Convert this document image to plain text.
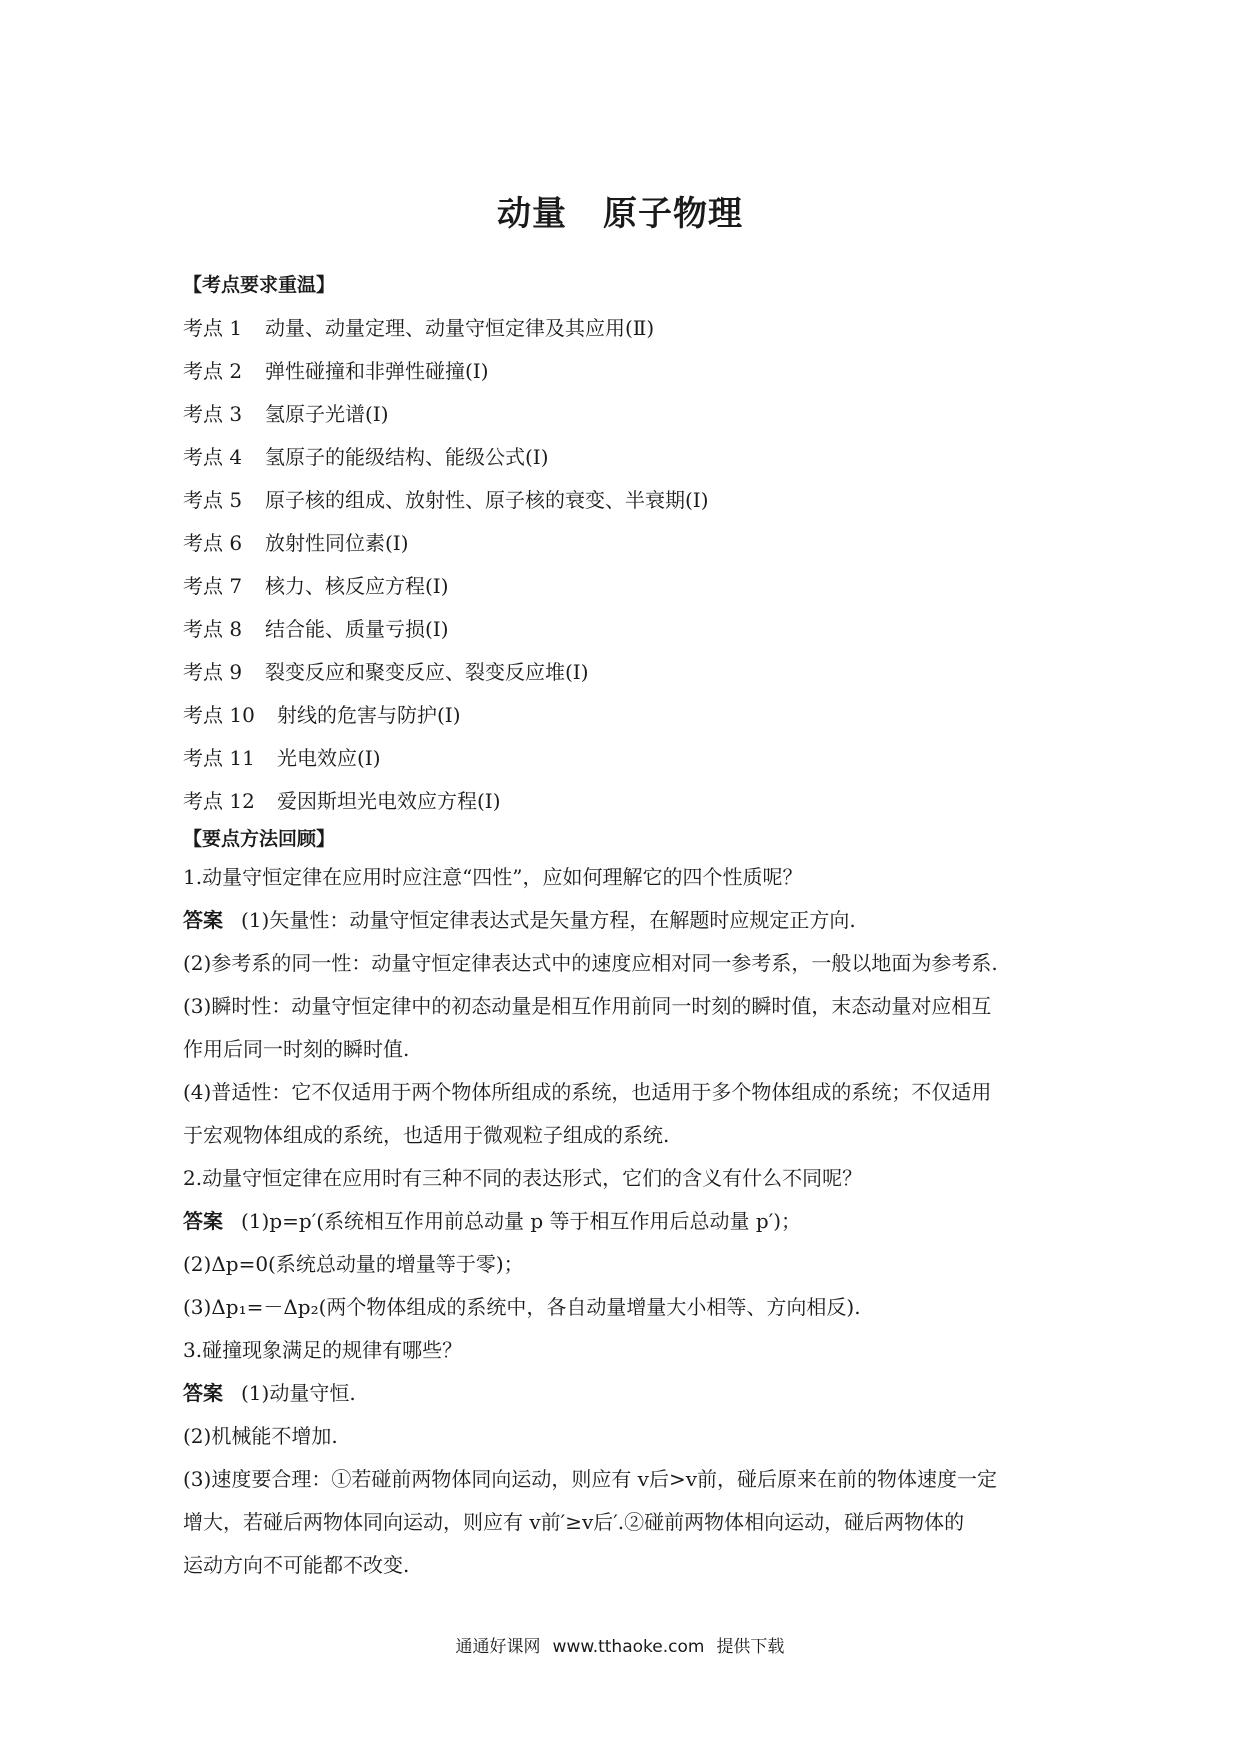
动量 原子物理
【考点要求重温】
考点 1	动量、动量定理、动量守恒定律及其应用(Ⅱ)
考点 2	弹性碰撞和非弹性碰撞(Ⅰ)
考点 3	氢原子光谱(Ⅰ)
考点 4	氢原子的能级结构、能级公式(Ⅰ)
考点 5	原子核的组成、放射性、原子核的衰变、半衰期(Ⅰ)
考点 6	放射性同位素(Ⅰ)
考点 7	核力、核反应方程(Ⅰ)
考点 8	结合能、质量亏损(Ⅰ)
考点 9	裂变反应和聚变反应、裂变反应堆(Ⅰ)
考点 10	射线的危害与防护(Ⅰ)
考点 11	光电效应(Ⅰ)
考点 12	爱因斯坦光电效应方程(Ⅰ)
【要点方法回顾】
1.动量守恒定律在应用时应注意“四性”，应如何理解它的四个性质呢？
答案 (1)矢量性：动量守恒定律表达式是矢量方程，在解题时应规定正方向.
(2)参考系的同一性：动量守恒定律表达式中的速度应相对同一参考系，一般以地面为参考系.
(3)瞬时性：动量守恒定律中的初态动量是相互作用前同一时刻的瞬时值，末态动量对应相互
作用后同一时刻的瞬时值.
(4)普适性：它不仅适用于两个物体所组成的系统，也适用于多个物体组成的系统；不仅适用
于宏观物体组成的系统，也适用于微观粒子组成的系统.
2.动量守恒定律在应用时有三种不同的表达形式，它们的含义有什么不同呢？
答案 (1)p=p′(系统相互作用前总动量 p 等于相互作用后总动量 p′)；
(2)Δp=0(系统总动量的增量等于零)；
(3)Δp₁=－Δp₂(两个物体组成的系统中，各自动量增量大小相等、方向相反).
3.碰撞现象满足的规律有哪些？
答案 (1)动量守恒.
(2)机械能不增加.
(3)速度要合理：①若碰前两物体同向运动，则应有 v后>v前，碰后原来在前的物体速度一定
增大，若碰后两物体同向运动，则应有 v前′≥v后′.②碰前两物体相向运动，碰后两物体的
运动方向不可能都不改变.
通通好课网 www.tthaoke.com 提供下载
